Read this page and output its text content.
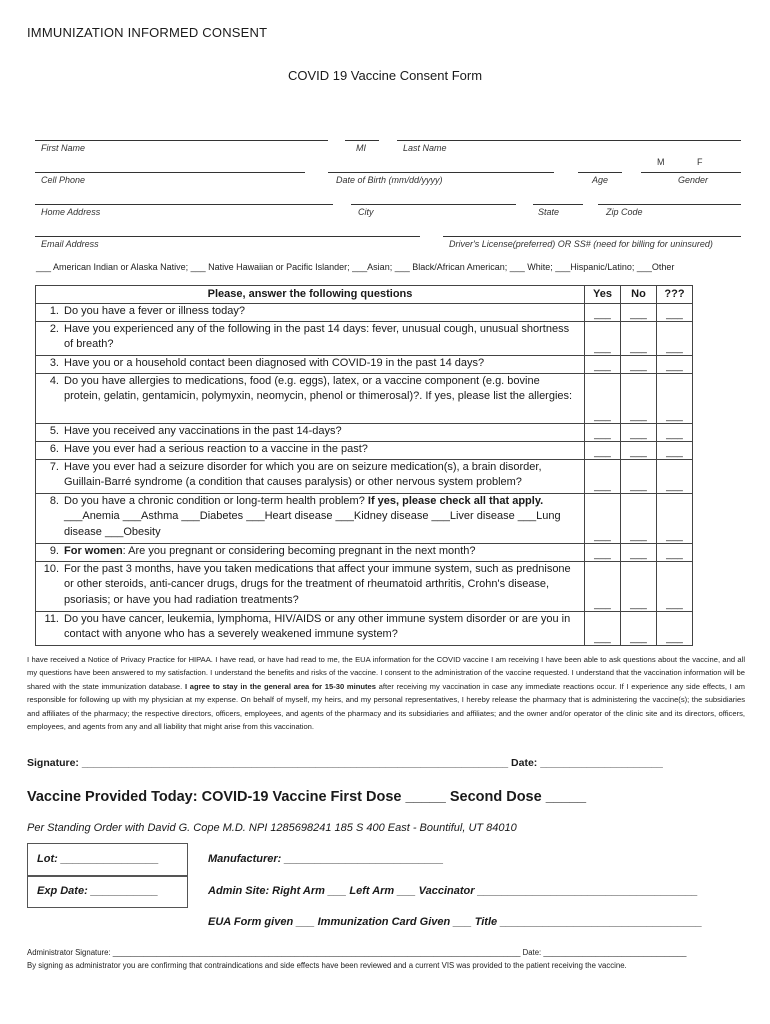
IMMUNIZATION INFORMED CONSENT
COVID 19 Vaccine Consent Form
First Name	MI	Last Name
M             F
Cell Phone	Date of Birth (mm/dd/yyyy)	Age	Gender
Home Address	City	State	Zip Code
Email Address	Driver's License(preferred) OR SS# (need for billing for uninsured)
___ American Indian or Alaska Native; ___ Native Hawaiian or Pacific Islander; ___Asian; ___ Black/African American; ___ White; ___Hispanic/Latino; ___Other
Please, answer the following questions	Yes	No	???

1. Do you have a fever or illness today?	___	___	___

2. Have you experienced any of the following in the past 14 days: fever, unusual cough, unusual shortness of breath?	___	___	___

3. Have you or a household contact been diagnosed with COVID-19 in the past 14 days?	___	___	___

4. Do you have allergies to medications, food (e.g. eggs), latex, or a vaccine component (e.g. bovine protein, gelatin, gentamicin, polymyxin, neomycin, phenol or thimerosal)?. If yes, please list the allergies:	___	___	___

5. Have you received any vaccinations in the past 14-days?	___	___	___

6. Have you ever had a serious reaction to a vaccine in the past?	___	___	___

7. Have you ever had a seizure disorder for which you are on seizure medication(s), a brain disorder, Guillain-Barré syndrome (a condition that causes paralysis) or other nervous system problem?	___	___	___

8. Do you have a chronic condition or long-term health problem? If yes, please check all that apply.
___Anemia ___Asthma ___Diabetes ___Heart disease ___Kidney disease ___Liver disease ___Lung disease ___Obesity	___	___	___

9. For women: Are you pregnant or considering becoming pregnant in the next month?	___	___	___

10. For the past 3 months, have you taken medications that affect your immune system, such as prednisone or other steroids, anti-cancer drugs, drugs for the treatment of rheumatoid arthritis, Crohn's disease, psoriasis; or have you had radiation treatments?	___	___	___

11. Do you have cancer, leukemia, lymphoma, HIV/AIDS or any other immune system disorder or are you in contact with anyone who has a severely weakened immune system?	___	___	___
I have received a Notice of Privacy Practice for HIPAA. I have read, or have had read to me, the EUA information for the COVID vaccine I am receiving I have been able to ask questions about the vaccine, and all my questions have been answered to my satisfaction. I understand the benefits and risks of the vaccine. I consent to the administration of the vaccine requested. I understand that the vaccination information will be shared with the state immunization database. I agree to stay in the general area for 15-30 minutes after receiving my vaccination in case any immediate reactions occur. If I experience any side effects, I am responsible for following up with my physician at my expense. On behalf of myself, my heirs, and my personal representatives, I hereby release the pharmacy that is administering the vaccine(s); the subsidiaries and affiliates of the pharmacy; the respective directors, officers, employees, and agents of the pharmacy and its subsidiaries and affiliates; and the owner and/or operator of the clinic site and its directors, officers, employees, and agents from any and all liability that might arise from this vaccination.
Signature: _________________________________________________________________________ Date: _____________________
Vaccine Provided Today: COVID-19 Vaccine First Dose _____ Second Dose _____
Per Standing Order with David G. Cope M.D. NPI 1285698241 185 S 400 East - Bountiful, UT 84010
Lot: ________________
Exp Date: ___________
Manufacturer: __________________________
Admin Site: Right Arm ___ Left Arm ___ Vaccinator ____________________________________
EUA Form given ___ Immunization Card Given ___ Title _________________________________
Administrator Signature: ______________________________________________________________________________________________ Date: _________________________________
By signing as administrator you are confirming that contraindications and side effects have been reviewed and a current VIS was provided to the patient receiving the vaccine.
